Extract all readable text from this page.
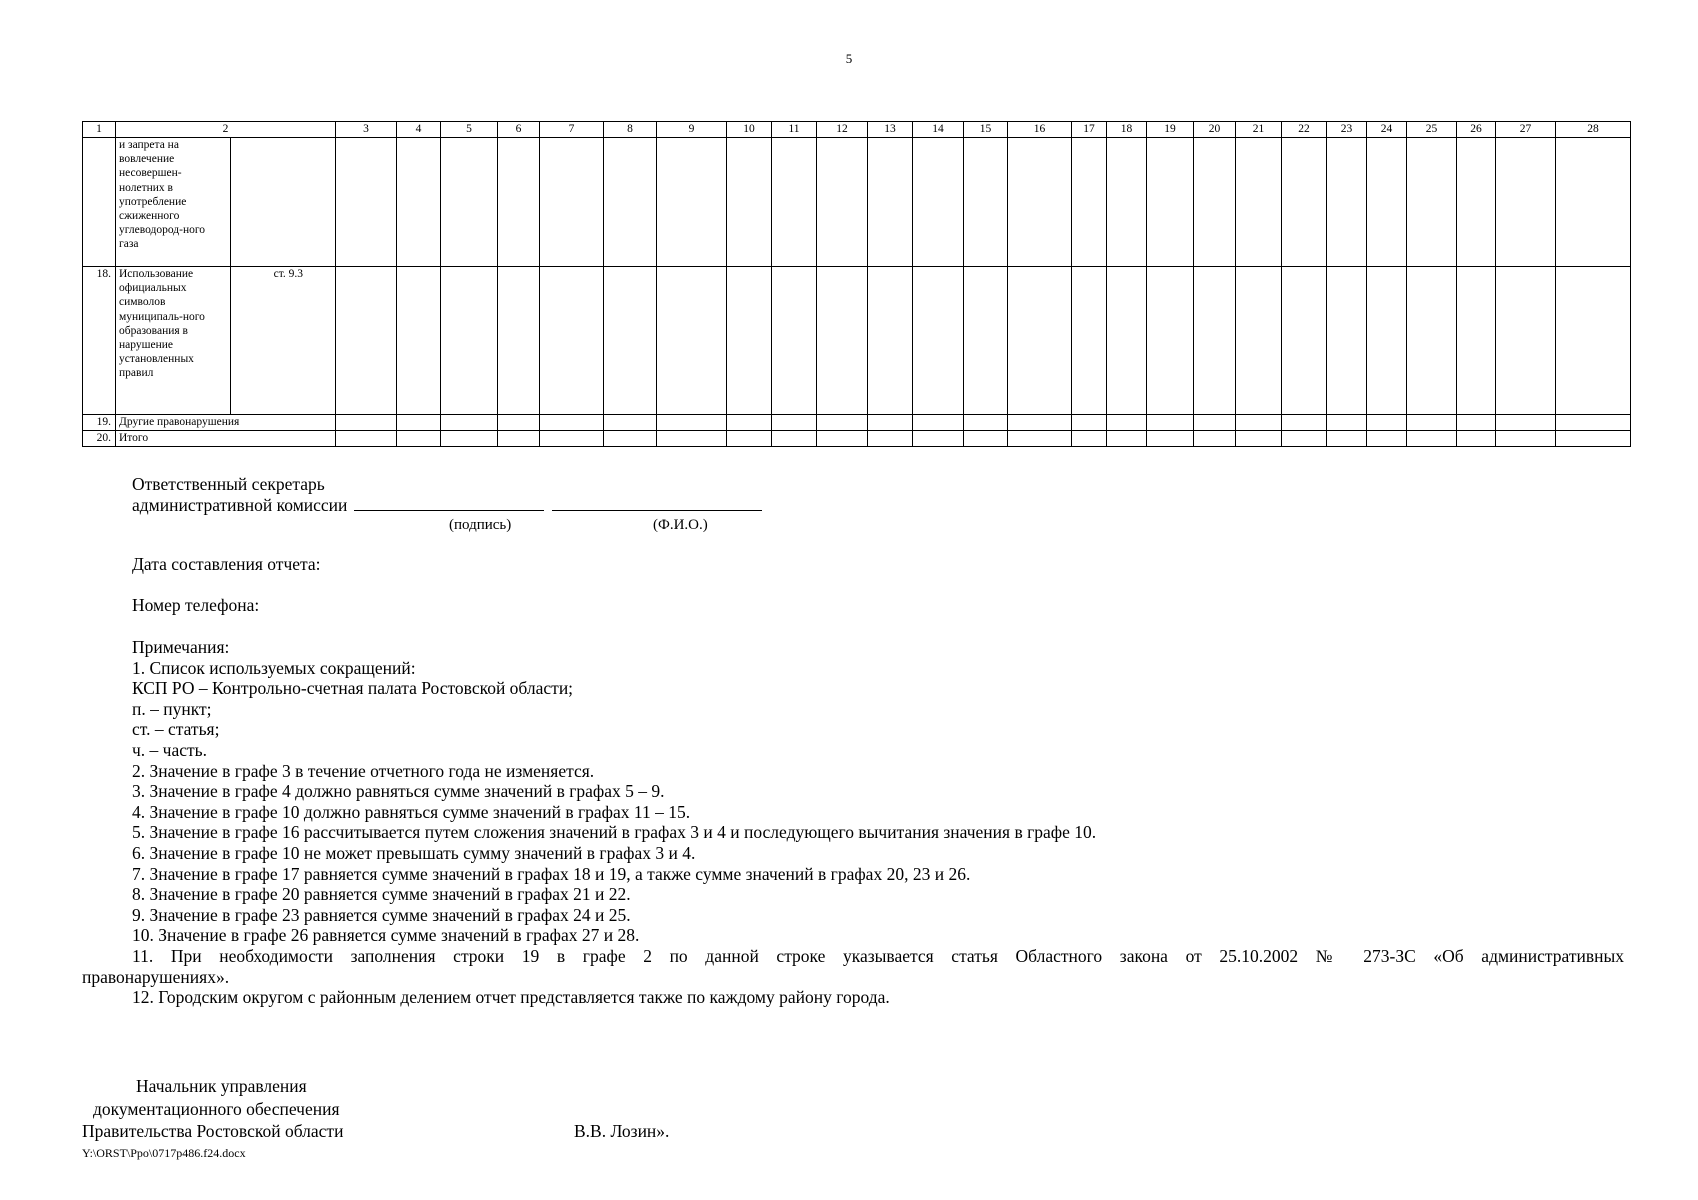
5
1	2		3	4	5	6	7	8	9	10	11	12	13	14	15	16	17	18	19	20	21	22	23	24	25	26	27	28
	и запрета на вовлечение несовершен-нолетних в употребление сжиженного углеводород-ного газа																											
18.	Использование официальных символов муниципаль-ного образования в нарушение установленных правил	ст. 9.3																										
19.	Другие правонарушения																											
20.	Итого																											
Ответственный секретарь
административной комиссии
(подпись)	(Ф.И.О.)
Дата составления отчета:
Номер телефона:

Примечания:

1. Список используемых сокращений:

КСП РО – Контрольно-счетная палата Ростовской области;

п. – пункт;

ст. – статья;

ч. – часть.

2. Значение в графе 3 в течение отчетного года не изменяется.

3. Значение в графе 4 должно равняться сумме значений в графах 5 – 9.

4. Значение в графе 10 должно равняться сумме значений в графах 11 – 15.

5. Значение в графе 16 рассчитывается путем сложения значений в графах 3 и 4 и последующего вычитания значения в графе 10.

6. Значение в графе 10 не может превышать сумму значений в графах 3 и 4.

7. Значение в графе 17 равняется сумме значений в графах 18 и 19, а также сумме значений в графах 20, 23 и 26.

8. Значение в графе 20 равняется сумме значений в графах 21 и 22.

9. Значение в графе 23 равняется сумме значений в графах 24 и 25.

10. Значение в графе 26 равняется сумме значений в графах 27 и 28.

11. При необходимости заполнения строки 19 в графе 2 по данной строке указывается статья Областного закона от 25.10.2002 № 273-ЗС «Об административных

правонарушениях».

12. Городским округом с районным делением отчет представляется также по каждому району города.

Начальник управления
документационного обеспечения
Правительства Ростовской области	В.В. Лозин».
Y:\ORST\Ppo\0717p486.f24.docx
